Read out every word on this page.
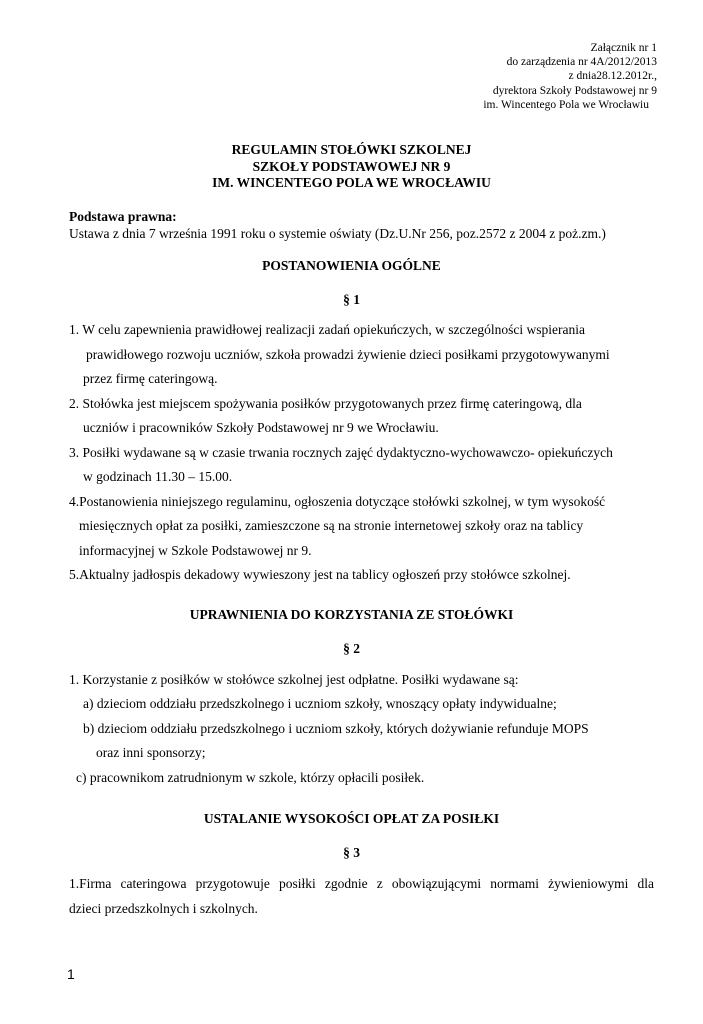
Załącznik nr 1
do zarządzenia nr 4A/2012/2013
z dnia28.12.2012r.,
dyrektora Szkoły Podstawowej nr 9
im. Wincentego Pola we Wrocławiu
REGULAMIN STOŁÓWKI SZKOLNEJ
SZKOŁY PODSTAWOWEJ NR 9
IM. WINCENTEGO POLA WE WROCŁAWIU
Podstawa prawna:
Ustawa z dnia 7 września 1991 roku o systemie oświaty (Dz.U.Nr 256, poz.2572 z 2004 z poż.zm.)
POSTANOWIENIA OGÓLNE
§ 1
1. W celu zapewnienia prawidłowej realizacji zadań opiekuńczych, w szczególności wspierania
prawidłowego rozwoju uczniów, szkoła prowadzi żywienie dzieci posiłkami przygotowywanymi
przez firmę cateringową.
2. Stołówka jest miejscem spożywania posiłków przygotowanych przez firmę cateringową, dla
uczniów i pracowników Szkoły Podstawowej nr 9 we Wrocławiu.
3. Posiłki wydawane są w czasie trwania rocznych zajęć dydaktyczno-wychowawczo- opiekuńczych
w godzinach 11.30 – 15.00.
4.Postanowienia niniejszego regulaminu, ogłoszenia dotyczące stołówki szkolnej, w tym wysokość
miesięcznych opłat za posiłki, zamieszczone są na stronie internetowej szkoły oraz na tablicy
informacyjnej w Szkole Podstawowej nr 9.
5.Aktualny jadłospis dekadowy wywieszony jest na tablicy ogłoszeń przy stołówce szkolnej.
UPRAWNIENIA DO KORZYSTANIA ZE STOŁÓWKI
§ 2
1. Korzystanie z posiłków w stołówce szkolnej jest odpłatne. Posiłki wydawane są:
a) dzieciom oddziału przedszkolnego i uczniom szkoły, wnoszący opłaty indywidualne;
b) dzieciom oddziału przedszkolnego i uczniom szkoły, których dożywianie refunduje MOPS
oraz inni sponsorzy;
c) pracownikom zatrudnionym w szkole, którzy opłacili posiłek.
USTALANIE WYSOKOŚCI OPŁAT ZA POSIŁKI
§ 3
1.Firma cateringowa przygotowuje posiłki zgodnie z obowiązującymi normami żywieniowymi dla
dzieci przedszkolnych i szkolnych.
1
